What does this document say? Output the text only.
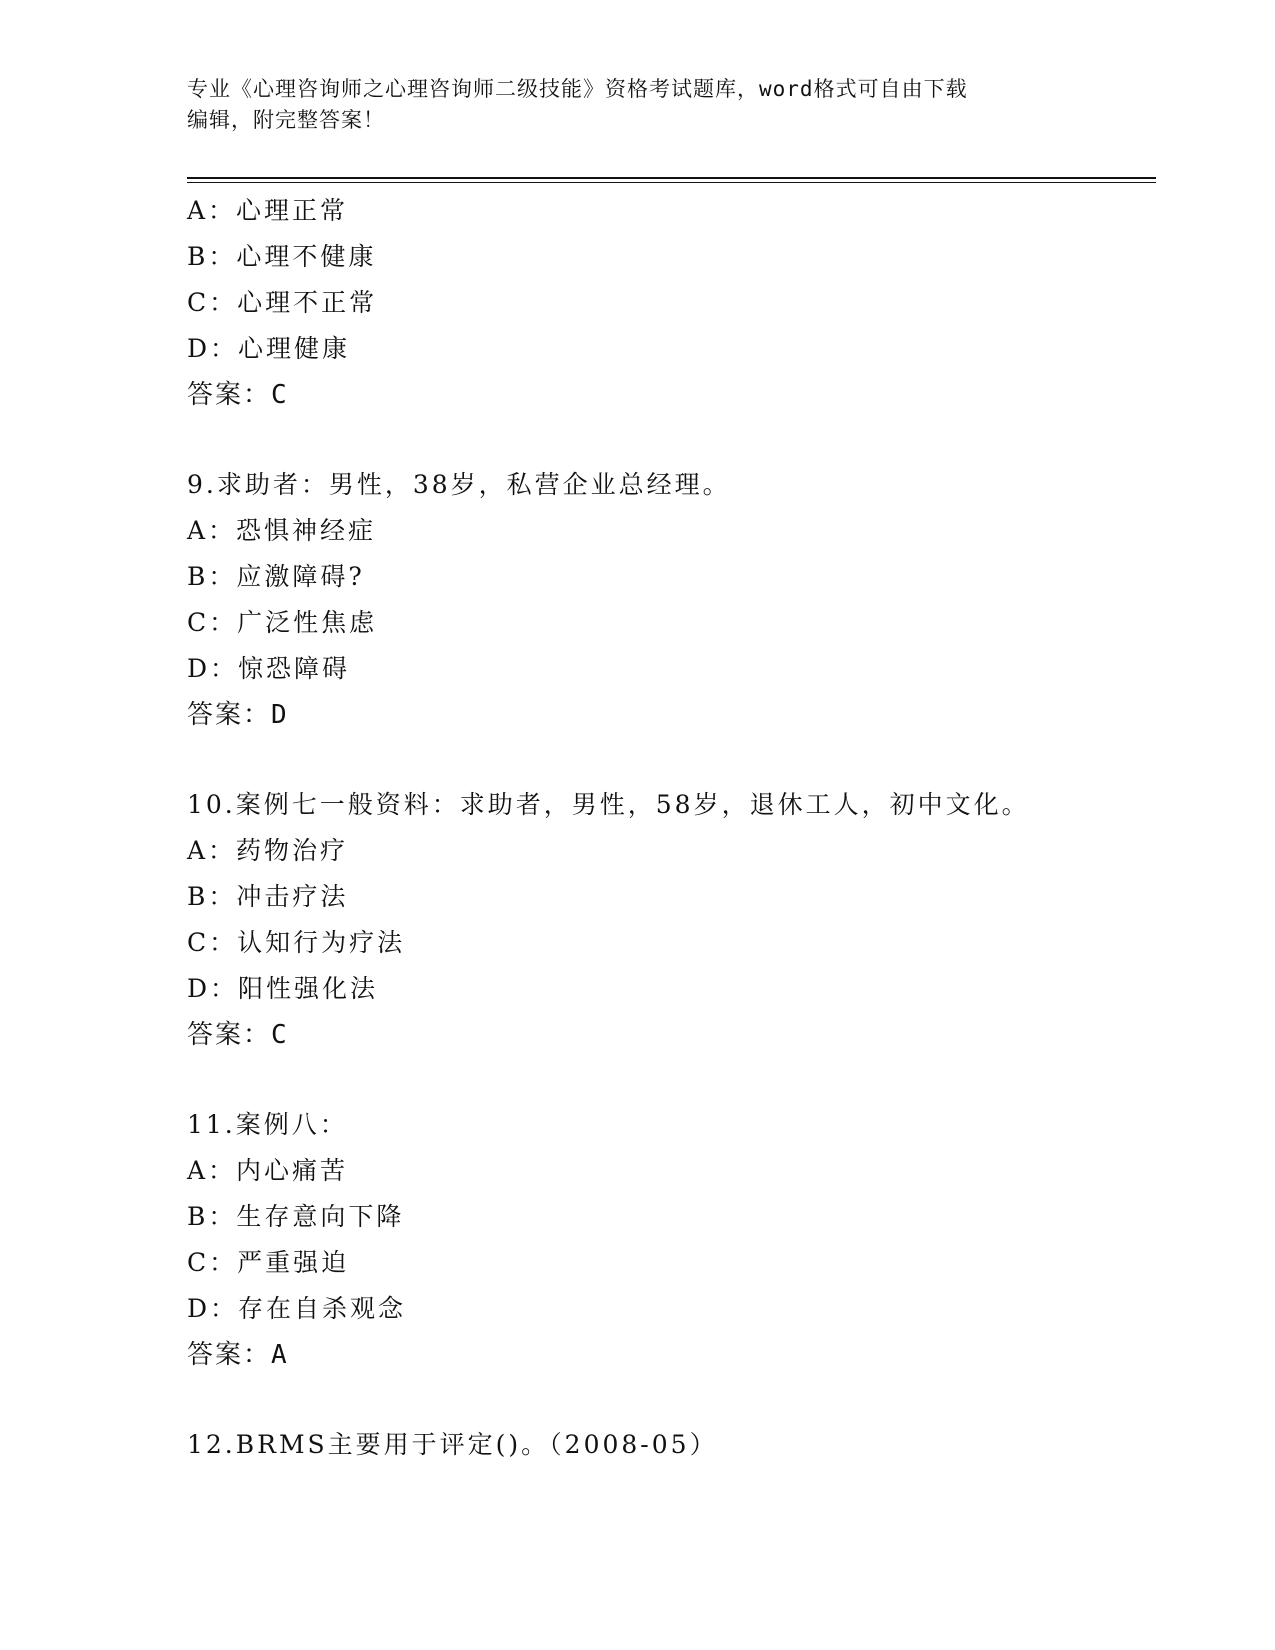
专业《心理咨询师之心理咨询师二级技能》资格考试题库，word格式可自由下载
编辑，附完整答案！
A：心理正常
B：心理不健康
C：心理不正常
D：心理健康
答案：C
9.求助者：男性，38岁，私营企业总经理。
A：恐惧神经症
B：应激障碍?
C：广泛性焦虑
D：惊恐障碍
答案：D
10.案例七一般资料：求助者，男性，58岁，退休工人，初中文化。
A：药物治疗
B：冲击疗法
C：认知行为疗法
D：阳性强化法
答案：C
11.案例八：
A：内心痛苦
B：生存意向下降
C：严重强迫
D：存在自杀观念
答案：A
12.BRMS主要用于评定()。（2008-05）
